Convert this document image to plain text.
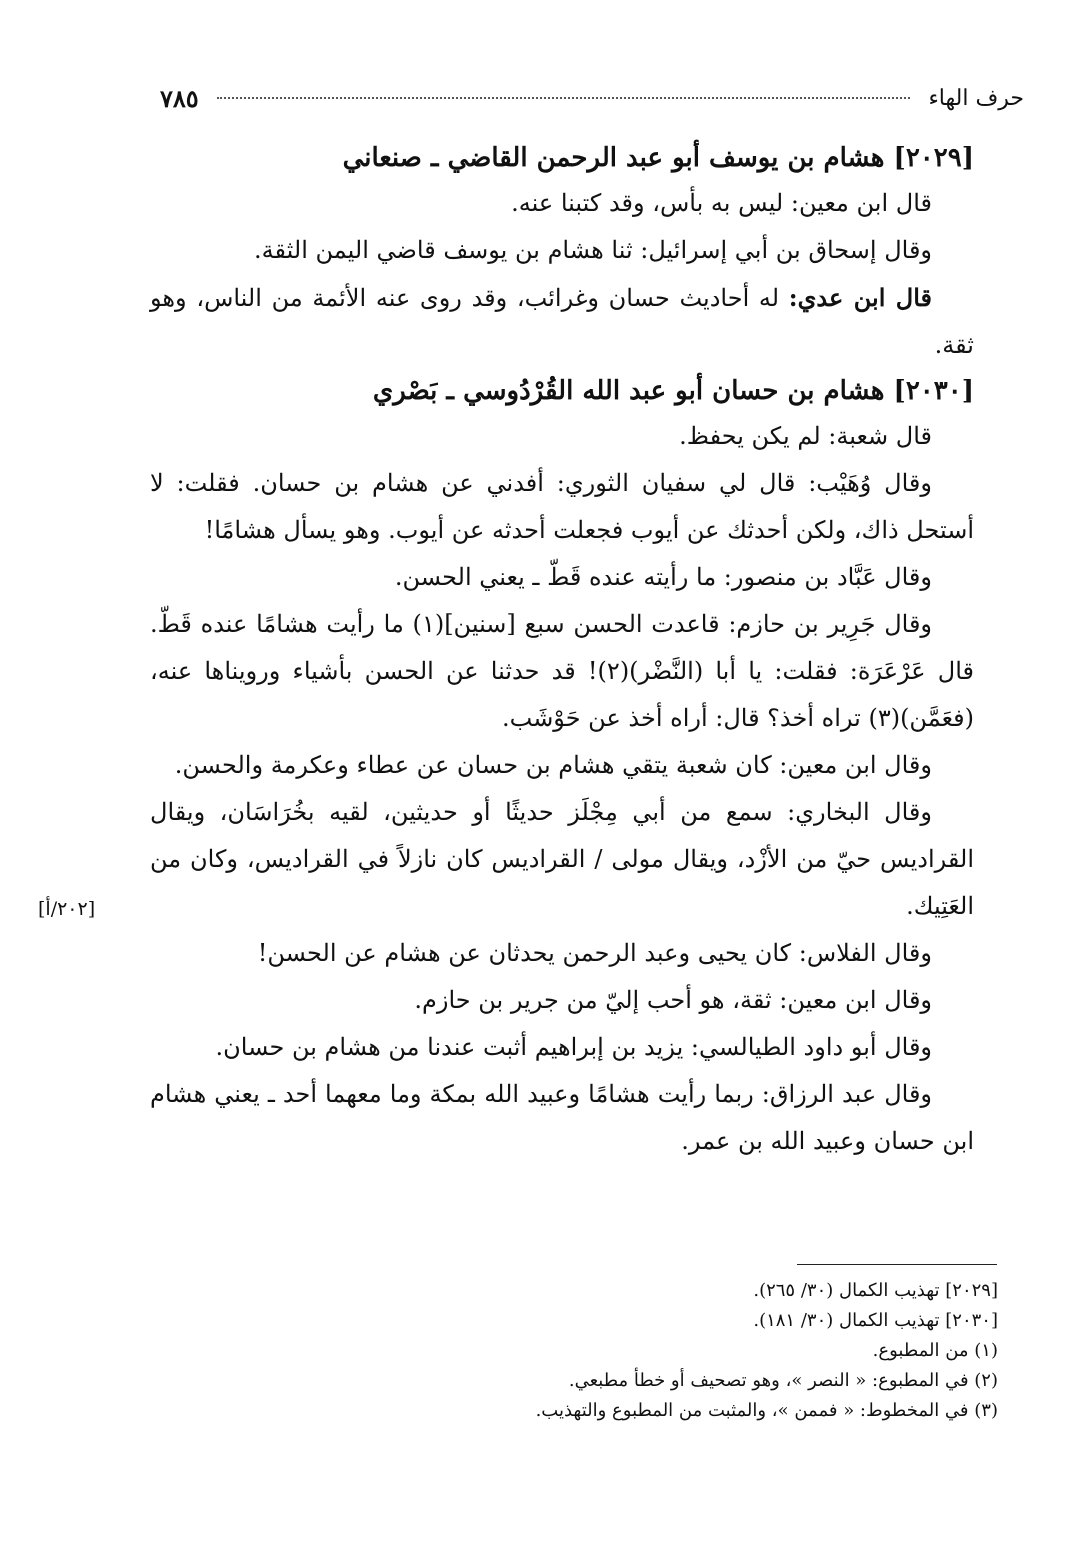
حرف الهاء
٧٨٥

[٢٠٢٩] هشام بن يوسف أبو عبد الرحمن القاضي ـ صنعاني

قال ابن معين: ليس به بأس، وقد كتبنا عنه.

وقال إسحاق بن أبي إسرائيل: ثنا هشام بن يوسف قاضي اليمن الثقة.

قال ابن عدي: له أحاديث حسان وغرائب، وقد روى عنه الأئمة من الناس، وهو ثقة.

[٢٠٣٠] هشام بن حسان أبو عبد الله القُرْدُوسي ـ بَصْري

قال شعبة: لم يكن يحفظ.

وقال وُهَيْب: قال لي سفيان الثوري: أفدني عن هشام بن حسان. فقلت: لا أستحل ذاك، ولكن أحدثك عن أيوب فجعلت أحدثه عن أيوب. وهو يسأل هشامًا!

وقال عَبَّاد بن منصور: ما رأيته عنده قَطّ ـ يعني الحسن.

وقال جَرِير بن حازم: قاعدت الحسن سبع [سنين](١) ما رأيت هشامًا عنده قَطّ. قال عَرْعَرَة: فقلت: يا أبا (النَّضْر)(٢)! قد حدثنا عن الحسن بأشياء ورويناها عنه، (فعَمَّن)(٣) تراه أخذ؟ قال: أراه أخذ عن حَوْشَب.

وقال ابن معين: كان شعبة يتقي هشام بن حسان عن عطاء وعكرمة والحسن.

وقال البخاري: سمع من أبي مِجْلَز حديثًا أو حديثين، لقيه بخُرَاسَان، ويقال القراديس حيّ من الأزْد، ويقال مولى / القراديس كان نازلاً في القراديس، وكان من العَتِيك.

وقال الفلاس: كان يحيى وعبد الرحمن يحدثان عن هشام عن الحسن!

وقال ابن معين: ثقة، هو أحب إليّ من جرير بن حازم.

وقال أبو داود الطيالسي: يزيد بن إبراهيم أثبت عندنا من هشام بن حسان.

وقال عبد الرزاق: ربما رأيت هشامًا وعبيد الله بمكة وما معهما أحد ـ يعني هشام ابن حسان وعبيد الله بن عمر.

[٢٠٢/أ]

[٢٠٢٩] تهذيب الكمال (٣٠/ ٢٦٥).

[٢٠٣٠] تهذيب الكمال (٣٠/ ١٨١).

(١) من المطبوع.

(٢) في المطبوع: « النصر »، وهو تصحيف أو خطأ مطبعي.

(٣) في المخطوط: « فممن »، والمثبت من المطبوع والتهذيب.
